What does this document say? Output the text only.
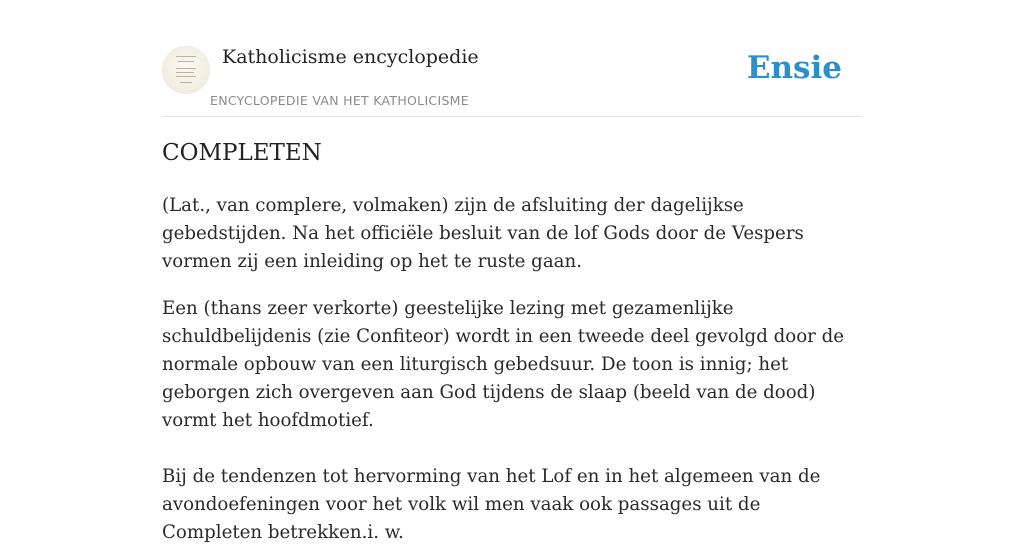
Katholicisme encyclopedie
ENCYCLOPEDIE VAN HET KATHOLICISME
Ensie
COMPLETEN

(Lat., van complere, volmaken) zijn de afsluiting der dagelijkse gebedstijden. Na het officiële besluit van de lof Gods door de Vespers vormen zij een inleiding op het te ruste gaan.

Een (thans zeer verkorte) geestelijke lezing met gezamenlijke schuldbelijdenis (zie Confiteor) wordt in een tweede deel gevolgd door de normale opbouw van een liturgisch gebedsuur. De toon is innig; het geborgen zich overgeven aan God tijdens de slaap (beeld van de dood) vormt het hoofdmotief.

Bij de tendenzen tot hervorming van het Lof en in het algemeen van de avondoefeningen voor het volk wil men vaak ook passages uit de Completen betrekken.i. w.
